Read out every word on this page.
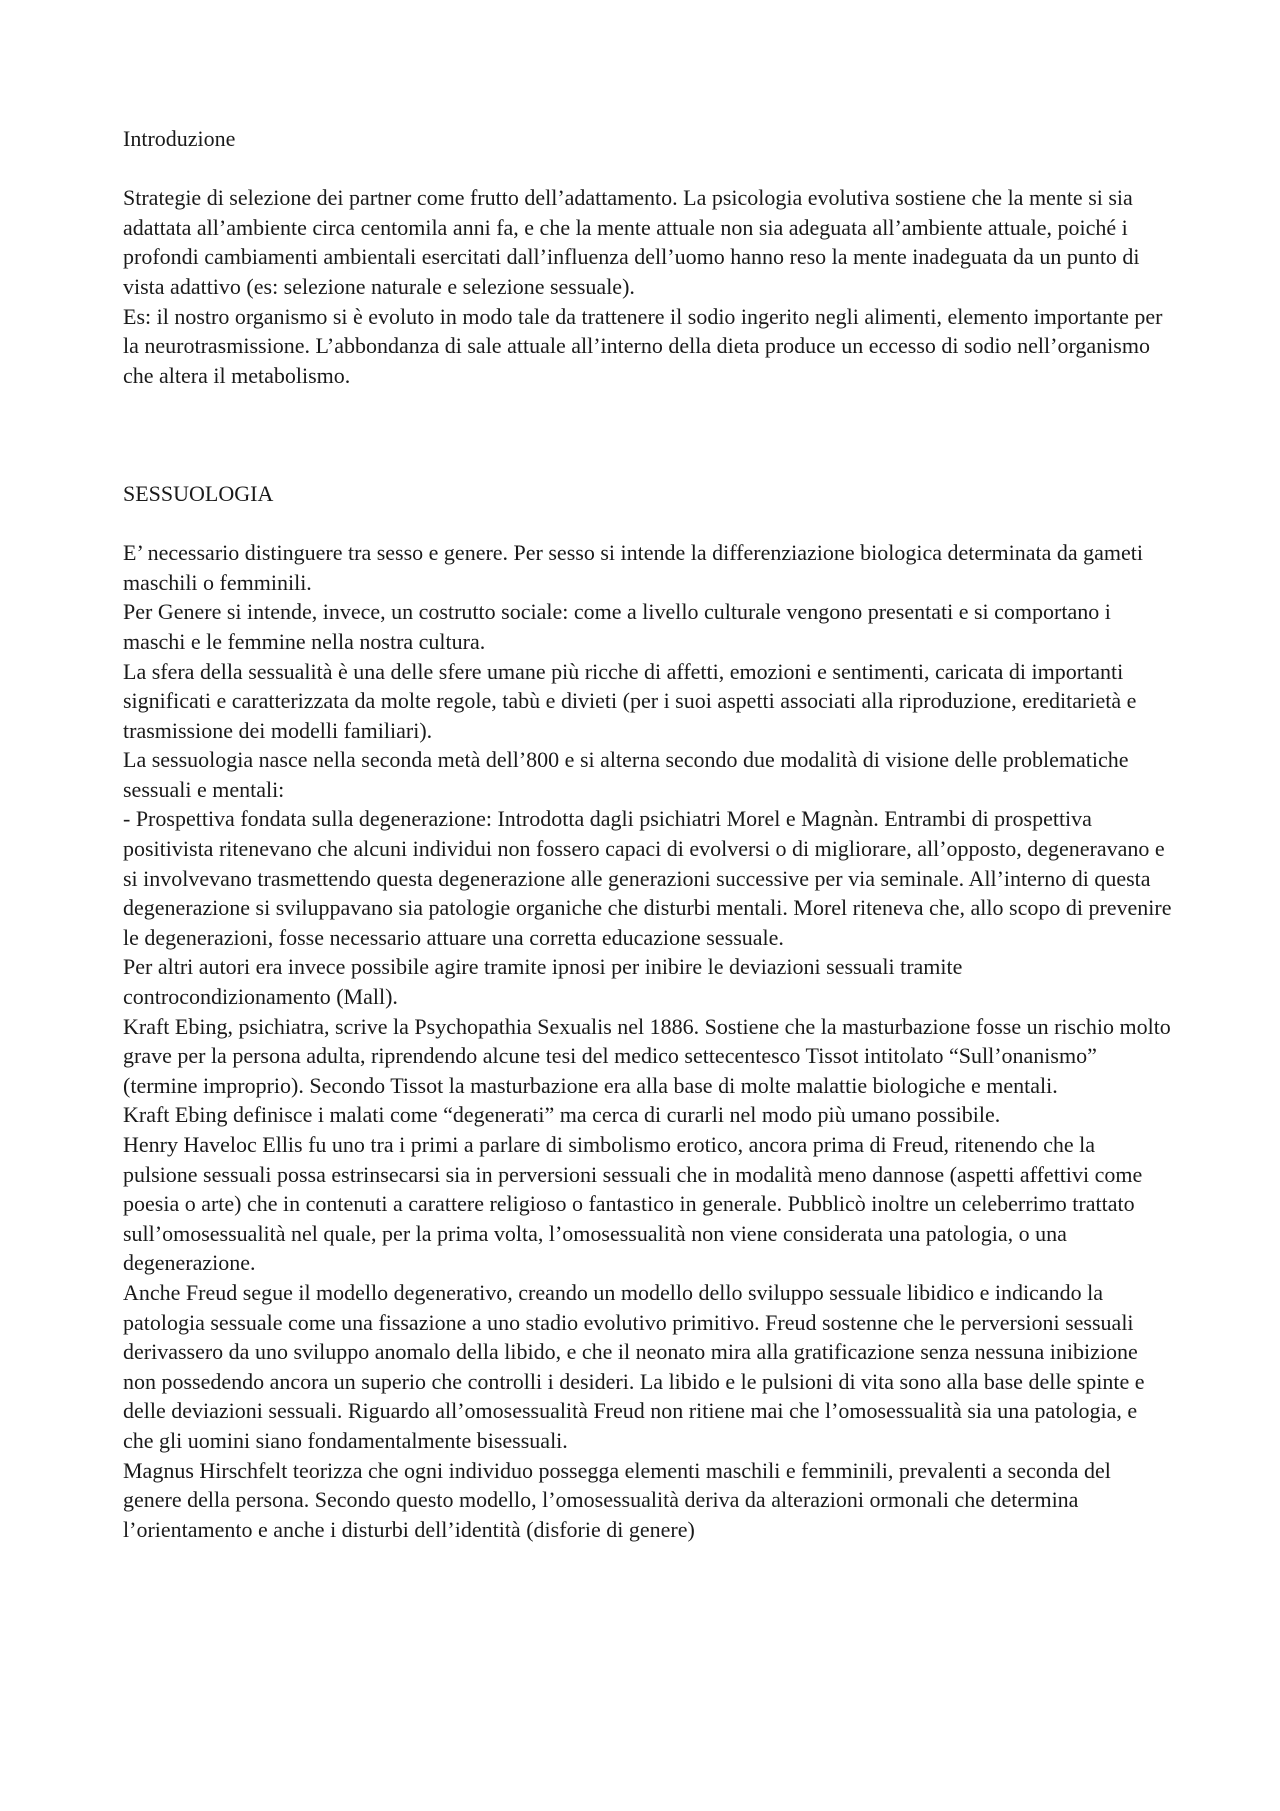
Introduzione

Strategie di selezione dei partner come frutto dell’adattamento. La psicologia evolutiva sostiene che la mente si sia adattata all’ambiente circa centomila anni fa, e che la mente attuale non sia adeguata all’ambiente attuale, poiché i profondi cambiamenti ambientali esercitati dall’influenza dell’uomo hanno reso la mente inadeguata da un punto di vista adattivo (es: selezione naturale e selezione sessuale).

Es: il nostro organismo si è evoluto in modo tale da trattenere il sodio ingerito negli alimenti, elemento importante per la neurotrasmissione. L’abbondanza di sale attuale all’interno della dieta produce un eccesso di sodio nell’organismo che altera il metabolismo.

SESSUOLOGIA

E’ necessario distinguere tra sesso e genere. Per sesso si intende la differenziazione biologica determinata da gameti maschili o femminili.

Per Genere si intende, invece, un costrutto sociale: come a livello culturale vengono presentati e si comportano i maschi e le femmine nella nostra cultura.

La sfera della sessualità è una delle sfere umane più ricche di affetti, emozioni e sentimenti, caricata di importanti significati e caratterizzata da molte regole, tabù e divieti (per i suoi aspetti associati alla riproduzione, ereditarietà e trasmissione dei modelli familiari).

La sessuologia nasce nella seconda metà dell’800 e si alterna secondo due modalità di visione delle problematiche sessuali e mentali:

- Prospettiva fondata sulla degenerazione: Introdotta dagli psichiatri Morel e Magnàn. Entrambi di prospettiva positivista ritenevano che alcuni individui non fossero capaci di evolversi o di migliorare, all’opposto, degeneravano e si involvevano trasmettendo questa degenerazione alle generazioni successive per via seminale. All’interno di questa degenerazione si sviluppavano sia patologie organiche che disturbi mentali. Morel riteneva che, allo scopo di prevenire le degenerazioni, fosse necessario attuare una corretta educazione sessuale.

Per altri autori era invece possibile agire tramite ipnosi per inibire le deviazioni sessuali tramite controcondizionamento (Mall).

Kraft Ebing, psichiatra, scrive la Psychopathia Sexualis nel 1886. Sostiene che la masturbazione fosse un rischio molto grave per la persona adulta, riprendendo alcune tesi del medico settecentesco Tissot intitolato “Sull’onanismo” (termine improprio). Secondo Tissot la masturbazione era alla base di molte malattie biologiche e mentali.

Kraft Ebing definisce i malati come “degenerati” ma cerca di curarli nel modo più umano possibile.

Henry Haveloc Ellis fu uno tra i primi a parlare di simbolismo erotico, ancora prima di Freud, ritenendo che la pulsione sessuali possa estrinsecarsi sia in perversioni sessuali che in modalità meno dannose (aspetti affettivi come poesia o arte) che in contenuti a carattere religioso o fantastico in generale. Pubblicò inoltre un celeberrimo trattato sull’omosessualità nel quale, per la prima volta, l’omosessualità non viene considerata una patologia, o una degenerazione.

Anche Freud segue il modello degenerativo, creando un modello dello sviluppo sessuale libidico e indicando la patologia sessuale come una fissazione a uno stadio evolutivo primitivo. Freud sostenne che le perversioni sessuali derivassero da uno sviluppo anomalo della libido, e che il neonato mira alla gratificazione senza nessuna inibizione non possedendo ancora un superio che controlli i desideri. La libido e le pulsioni di vita sono alla base delle spinte e delle deviazioni sessuali. Riguardo all’omosessualità Freud non ritiene mai che l’omosessualità sia una patologia, e che gli uomini siano fondamentalmente bisessuali.

Magnus Hirschfelt teorizza che ogni individuo possegga elementi maschili e femminili, prevalenti a seconda del genere della persona. Secondo questo modello, l’omosessualità deriva da alterazioni ormonali che determina l’orientamento e anche i disturbi dell’identità (disforie di genere)
